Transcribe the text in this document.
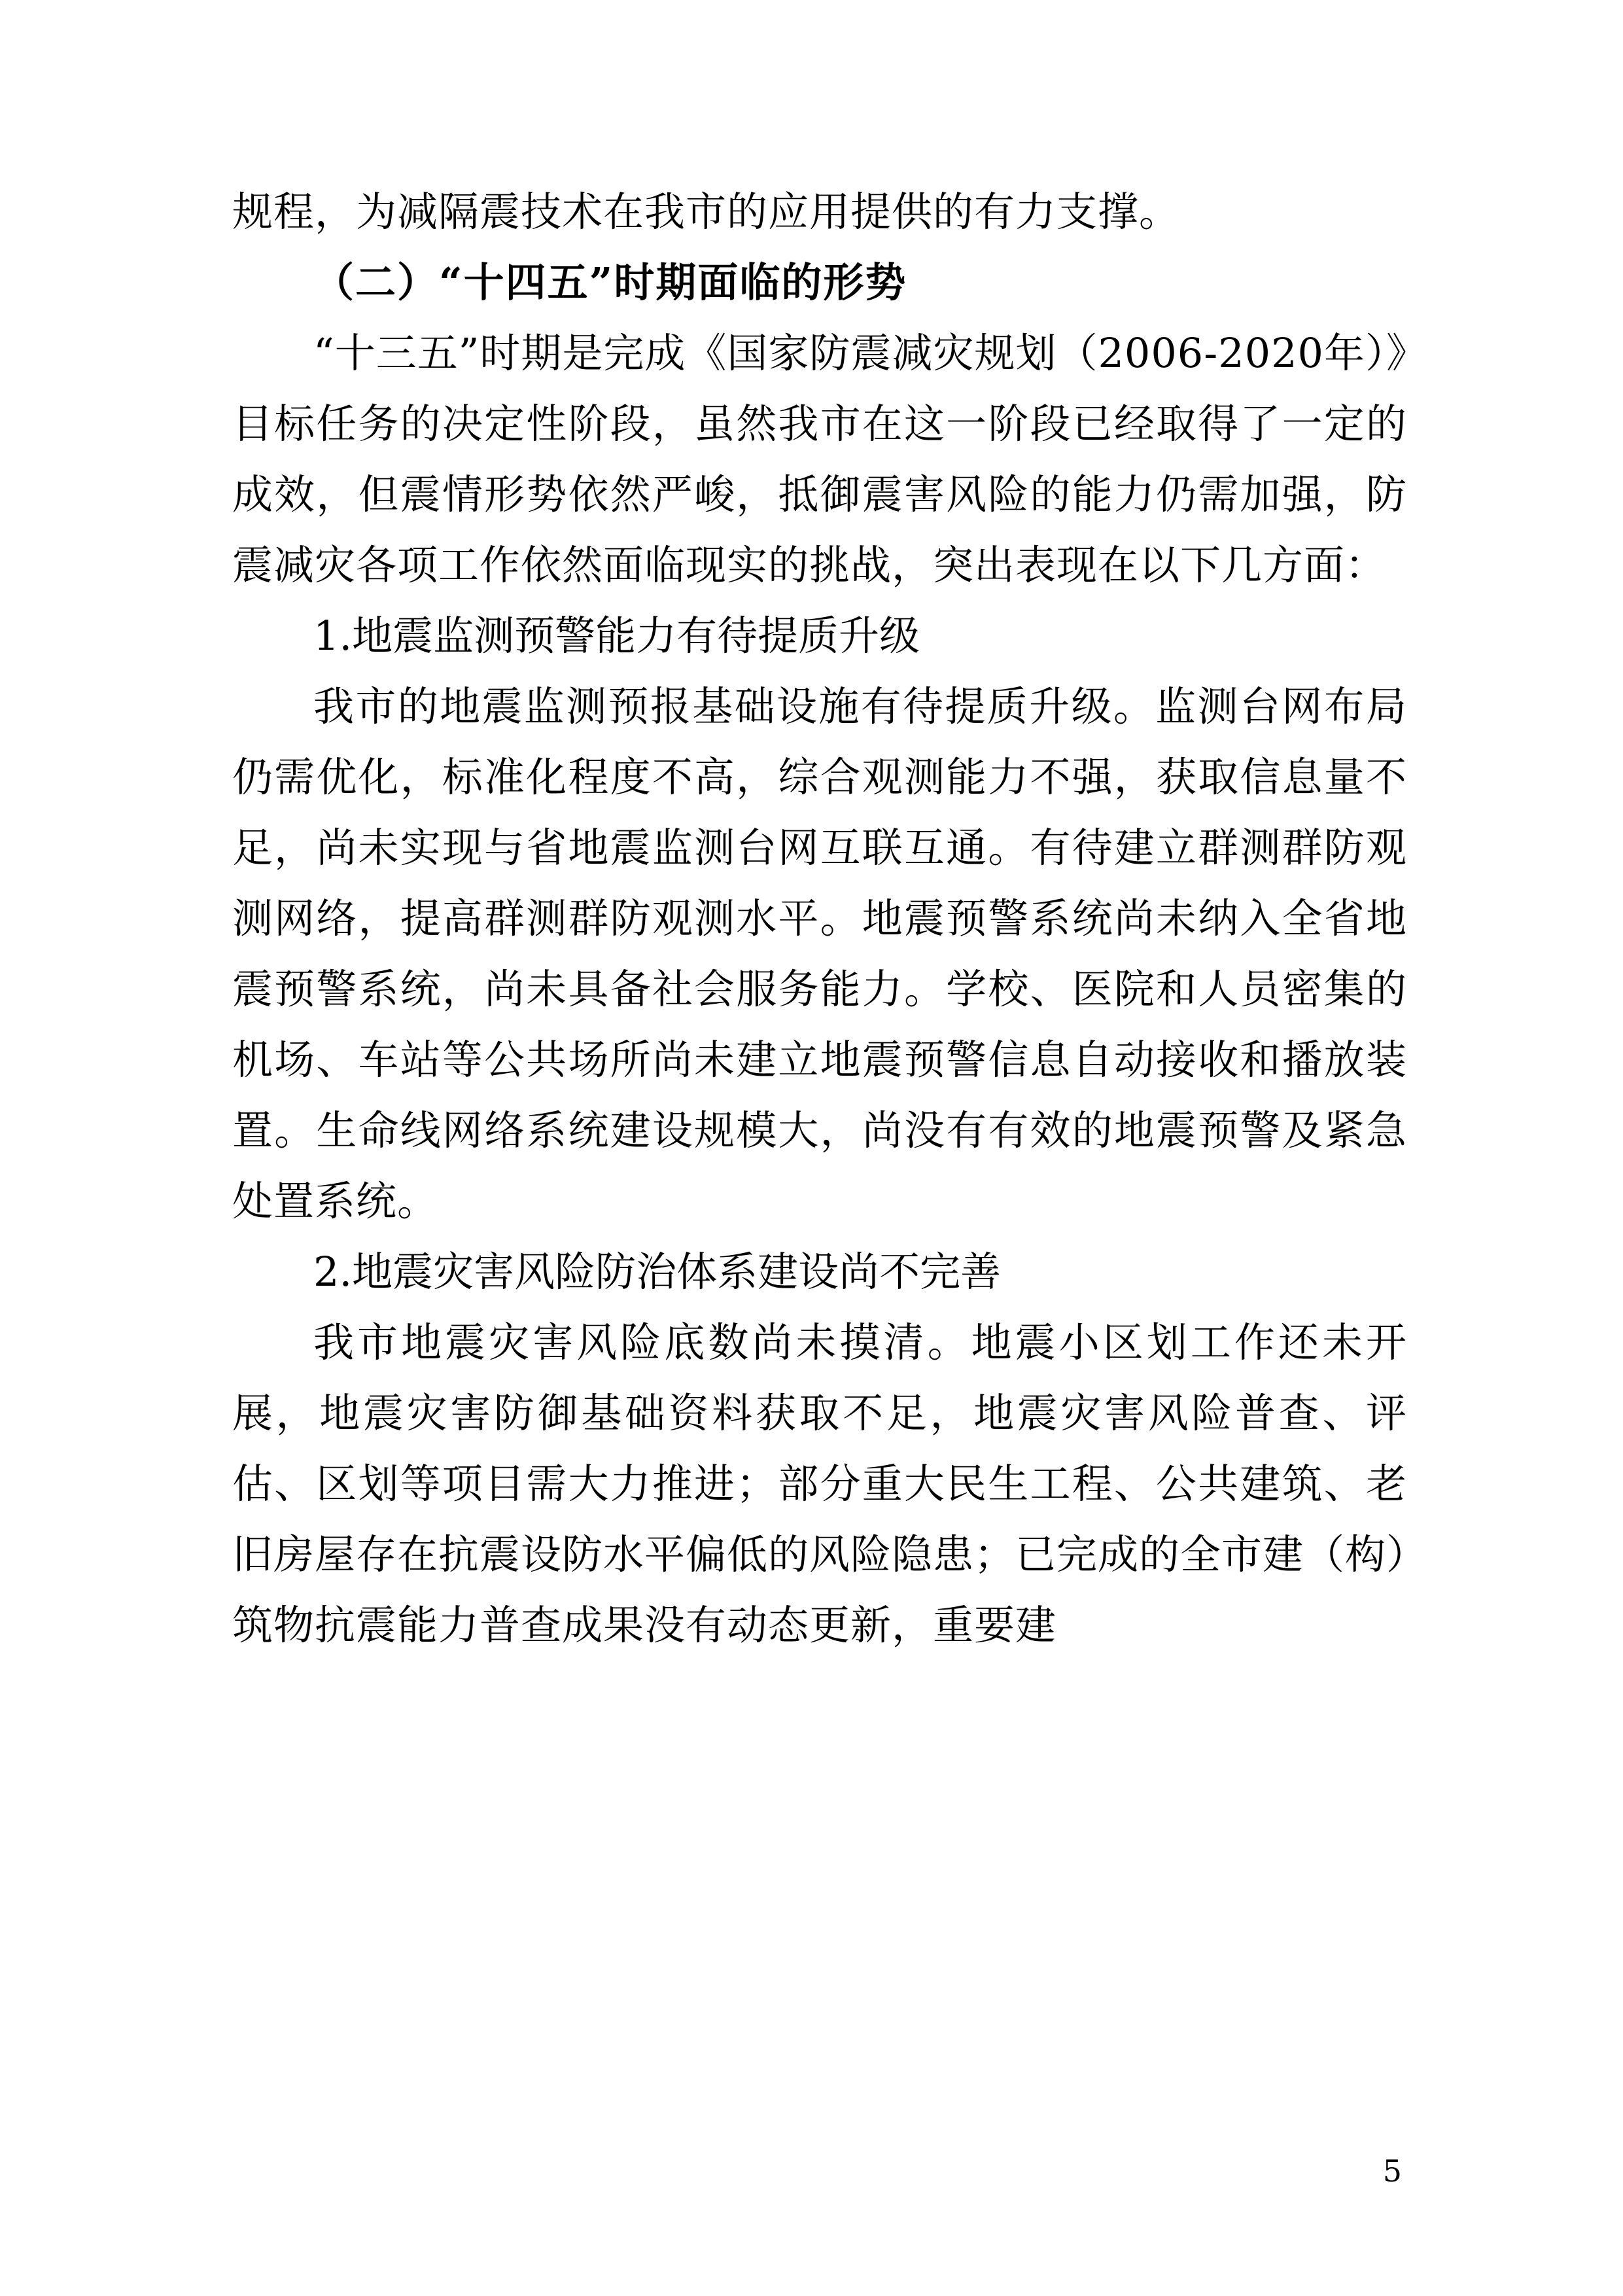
规程，为减隔震技术在我市的应用提供的有力支撑。

（二）“十四五”时期面临的形势

“十三五”时期是完成《国家防震减灾规划（2006-2020年）》目标任务的决定性阶段，虽然我市在这一阶段已经取得了一定的成效，但震情形势依然严峻，抵御震害风险的能力仍需加强，防震减灾各项工作依然面临现实的挑战，突出表现在以下几方面：

1.地震监测预警能力有待提质升级

我市的地震监测预报基础设施有待提质升级。监测台网布局仍需优化，标准化程度不高，综合观测能力不强，获取信息量不足，尚未实现与省地震监测台网互联互通。有待建立群测群防观测网络，提高群测群防观测水平。地震预警系统尚未纳入全省地震预警系统，尚未具备社会服务能力。学校、医院和人员密集的机场、车站等公共场所尚未建立地震预警信息自动接收和播放装置。生命线网络系统建设规模大，尚没有有效的地震预警及紧急处置系统。

2.地震灾害风险防治体系建设尚不完善

我市地震灾害风险底数尚未摸清。地震小区划工作还未开展，地震灾害防御基础资料获取不足，地震灾害风险普查、评估、区划等项目需大力推进；部分重大民生工程、公共建筑、老旧房屋存在抗震设防水平偏低的风险隐患；已完成的全市建（构）筑物抗震能力普查成果没有动态更新，重要建

5
